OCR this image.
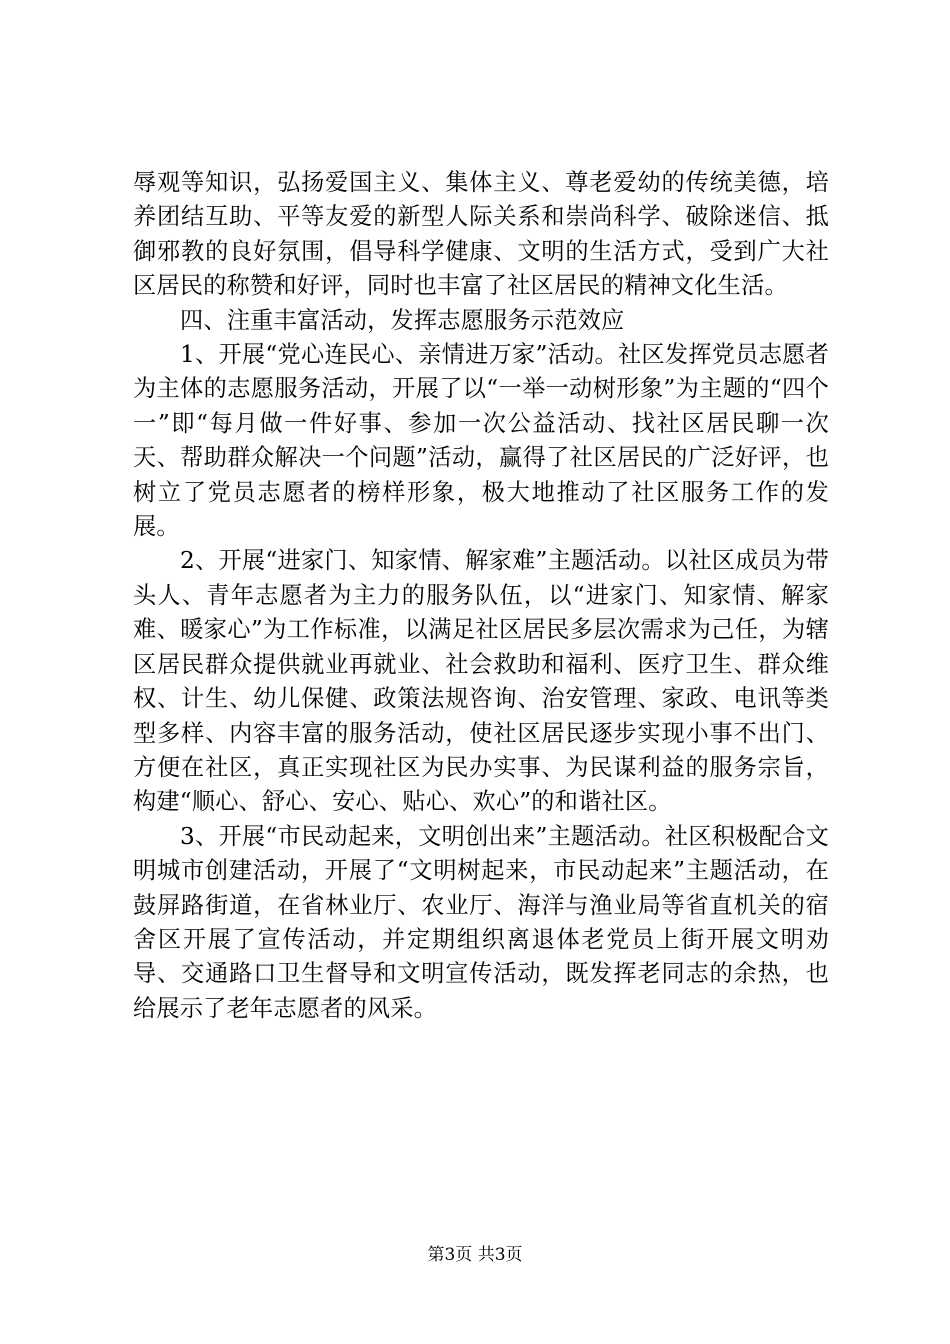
辱观等知识，弘扬爱国主义、集体主义、尊老爱幼的传统美德，培养团结互助、平等友爱的新型人际关系和崇尚科学、破除迷信、抵御邪教的良好氛围，倡导科学健康、文明的生活方式，受到广大社区居民的称赞和好评，同时也丰富了社区居民的精神文化生活。

四、注重丰富活动，发挥志愿服务示范效应

1、开展“党心连民心、亲情进万家”活动。社区发挥党员志愿者为主体的志愿服务活动，开展了以“一举一动树形象”为主题的“四个一”即“每月做一件好事、参加一次公益活动、找社区居民聊一次天、帮助群众解决一个问题”活动，赢得了社区居民的广泛好评，也树立了党员志愿者的榜样形象，极大地推动了社区服务工作的发展。

2、开展“进家门、知家情、解家难”主题活动。以社区成员为带头人、青年志愿者为主力的服务队伍，以“进家门、知家情、解家难、暖家心”为工作标准，以满足社区居民多层次需求为己任，为辖区居民群众提供就业再就业、社会救助和福利、医疗卫生、群众维权、计生、幼儿保健、政策法规咨询、治安管理、家政、电讯等类型多样、内容丰富的服务活动，使社区居民逐步实现小事不出门、方便在社区，真正实现社区为民办实事、为民谋利益的服务宗旨，构建“顺心、舒心、安心、贴心、欢心”的和谐社区。

3、开展“市民动起来，文明创出来”主题活动。社区积极配合文明城市创建活动，开展了“文明树起来，市民动起来”主题活动，在鼓屏路街道，在省林业厅、农业厅、海洋与渔业局等省直机关的宿舍区开展了宣传活动，并定期组织离退体老党员上街开展文明劝导、交通路口卫生督导和文明宣传活动，既发挥老同志的余热，也给展示了老年志愿者的风采。

第3页 共3页
